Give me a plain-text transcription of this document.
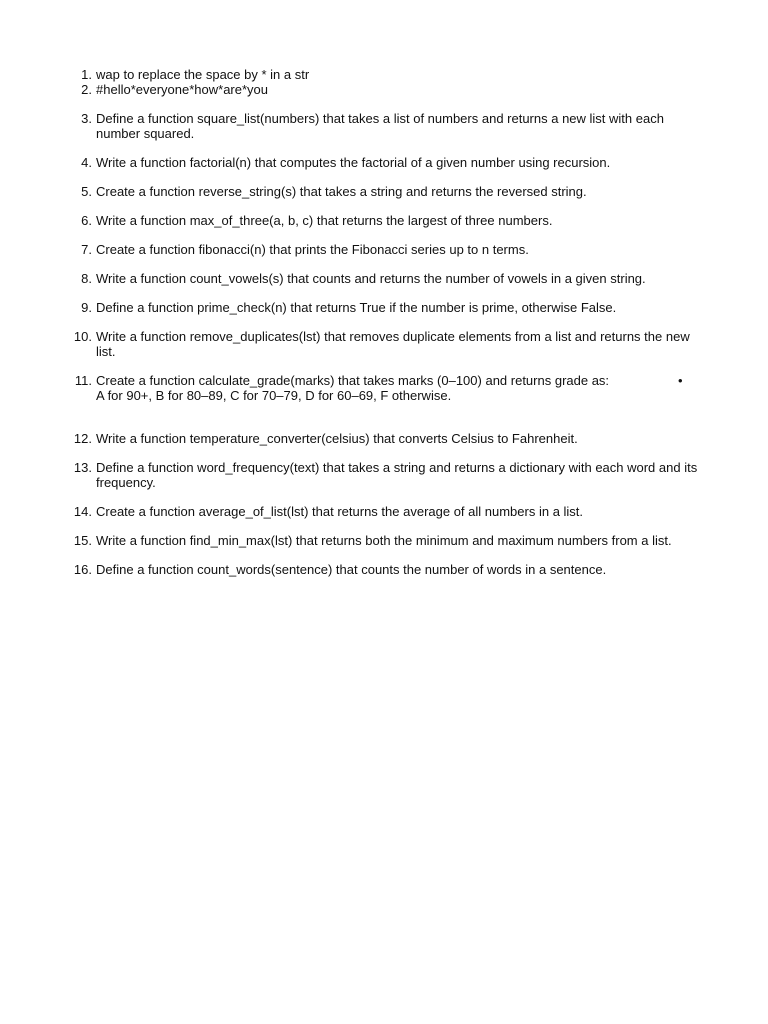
1. wap to replace the space by * in a str
2. #hello*everyone*how*are*you
3. Define a function square_list(numbers) that takes a list of numbers and returns a new list with each number squared.
4. Write a function factorial(n) that computes the factorial of a given number using recursion.
5. Create a function reverse_string(s) that takes a string and returns the reversed string.
6. Write a function max_of_three(a, b, c) that returns the largest of three numbers.
7. Create a function fibonacci(n) that prints the Fibonacci series up to n terms.
8. Write a function count_vowels(s) that counts and returns the number of vowels in a given string.
9. Define a function prime_check(n) that returns True if the number is prime, otherwise False.
10. Write a function remove_duplicates(lst) that removes duplicate elements from a list and returns the new list.
11. Create a function calculate_grade(marks) that takes marks (0–100) and returns grade as:	•

A for 90+, B for 80–89, C for 70–79, D for 60–69, F otherwise.
12. Write a function temperature_converter(celsius) that converts Celsius to Fahrenheit.
13. Define a function word_frequency(text) that takes a string and returns a dictionary with each word and its frequency.
14. Create a function average_of_list(lst) that returns the average of all numbers in a list.
15. Write a function find_min_max(lst) that returns both the minimum and maximum numbers from a list.
16. Define a function count_words(sentence) that counts the number of words in a sentence.
